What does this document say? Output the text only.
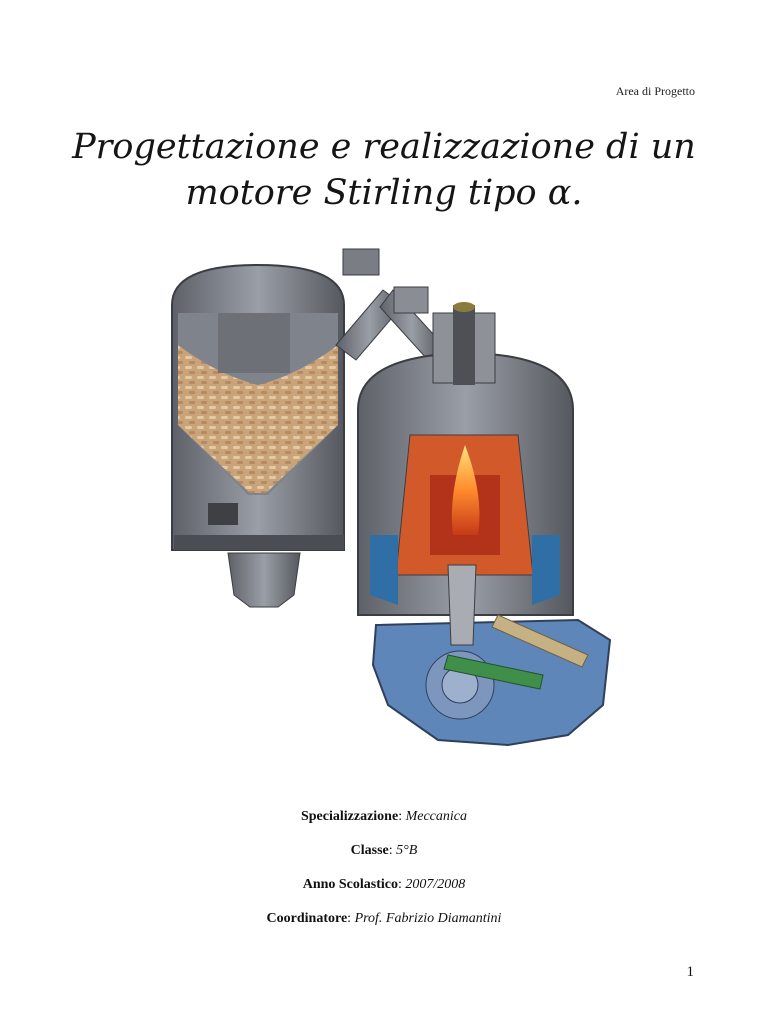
Area di Progetto
Progettazione e realizzazione di un
motore Stirling tipo α.
Specializzazione: Meccanica
Classe: 5°B
Anno Scolastico: 2007/2008
Coordinatore: Prof. Fabrizio Diamantini
1
